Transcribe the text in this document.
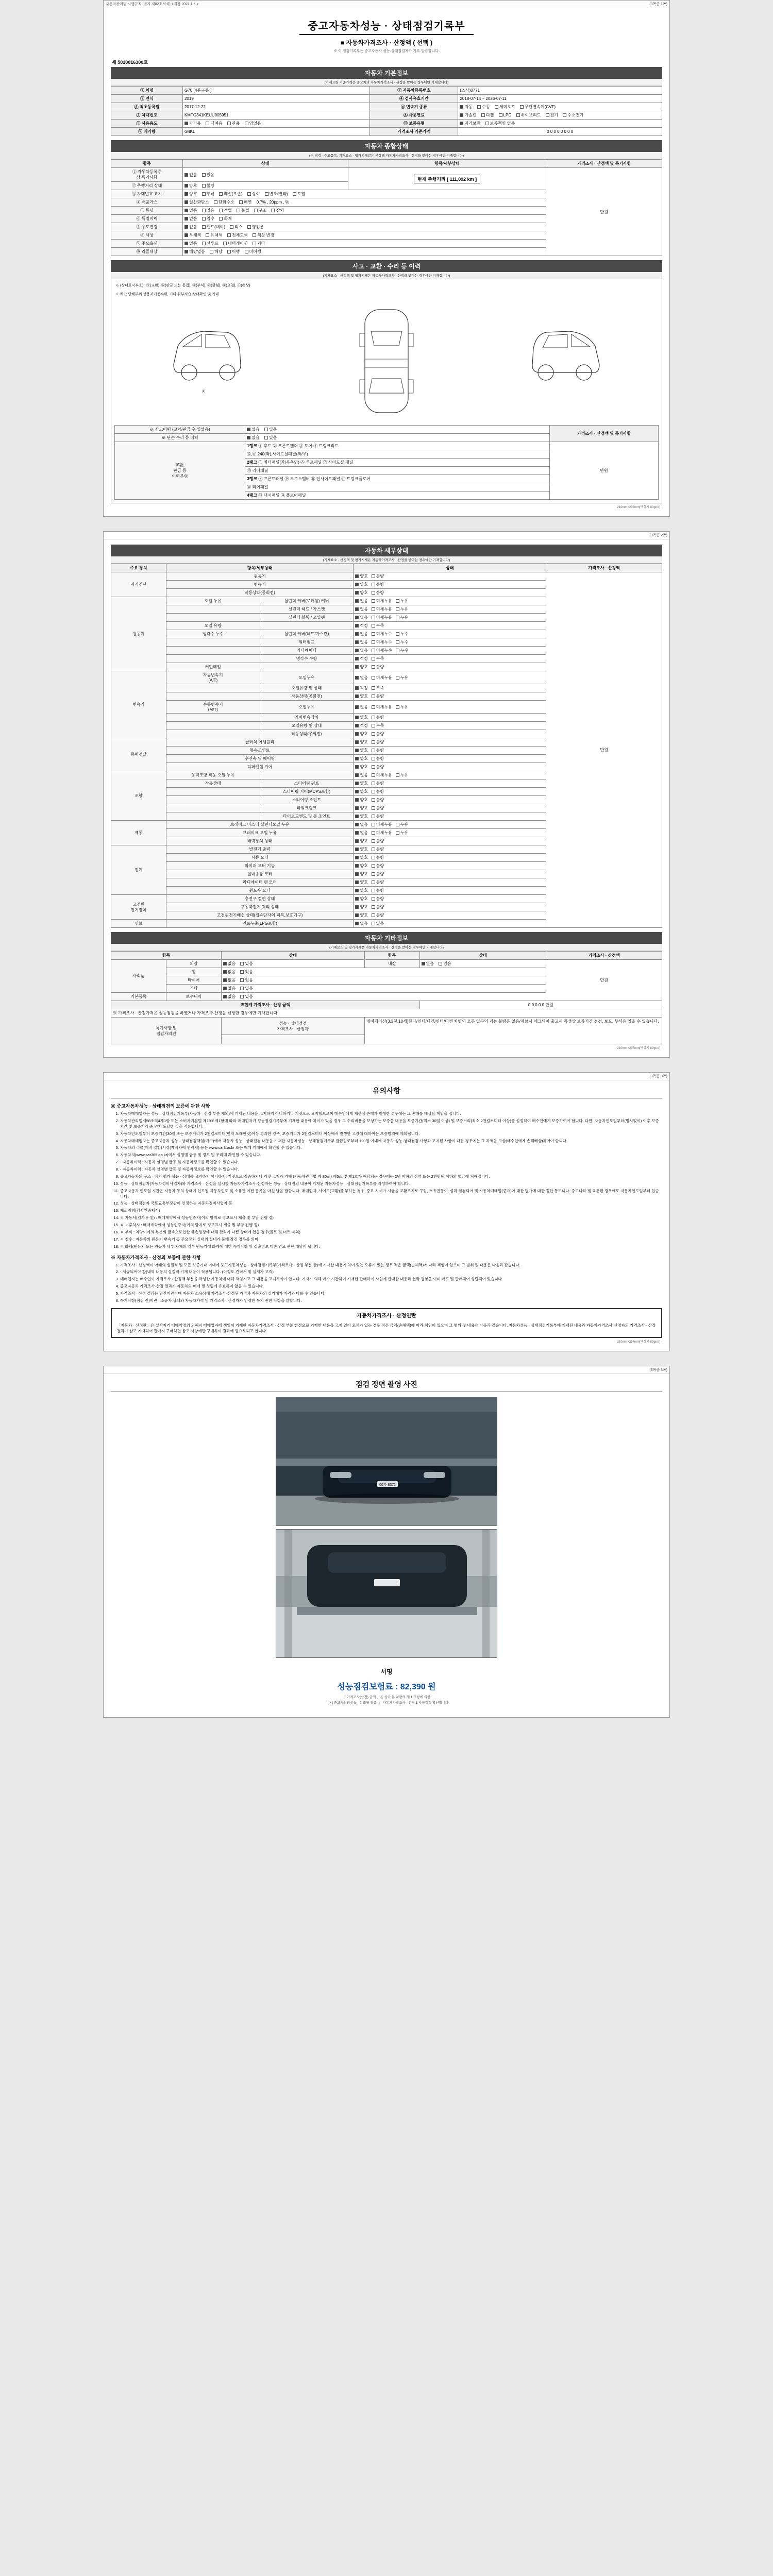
자동차관리법 시행규칙 [별지 제82호서식] <개정 2021.1.5.>	(3쪽중 1쪽)
중고자동차성능 · 상태점검기록부
■ 자동차가격조사 · 산정액 ( 선택 )
※ 이 점검기록부는 중고자동차 성능·상태점검자가 기록·발급합니다.
제 5010016300호
자동차 기본정보
(기재요령 기준가격은 중고차의 자동차가격조사 · 산정을 받아는 경우에만 기재합니다)
① 차명	G70 (4륜구동 )	② 자동차등록번호	(즈사)0771
③ 연식	2019	④ 검사유효기간	2018-07-14 ~ 2026-07-11
⑤ 최초등록일	2017-12-22	⑥ 변속기 종류	자동 수동 세미오토 무단변속기(CVT)
⑦ 차대번호	KMTG341KEUU005951	⑧ 사용연료	가솔린 디젤 LPG 하이브리드 전기 수소전기
⑤ 사용용도	자가용 대여용 관용 영업용	⑪ 보증유형	자가보증 보증책임 없음
⑨ 배기량	G4KL	가격조사 기준가액	0 0 0 0 0 0 0 0
자동차 종합상태
(※ 점검 · 주요품목, 기재요소 · 평가시세같은 본상태 자동차가격조사 · 산정을 받아는 경우에만 기재합니다)
항목	상태	항목/세부상태	가격조사 · 산정액 및 특기사항
① 자동차등록증
상 특기사항	없음 있음	현재 주행거리 [ 111,092 km ]	만원
② 주행거리 상태	양호 불량		
③ 차대번호 표기	양호 부식 훼손(오손) 상이 변조(변타) 도말		
④ 배출가스	일산화탄소 탄화수소 매연 0.7% , 20ppm , %		
⑤ 튜닝	없음 있음 적법 불법 구조 장치		
⑥ 특별이력	없음 침수 화재		
⑦ 용도변경	없음 렌트(대여) 리스 영업용		
⑧ 색상	무채색 유채색 전체도색 색상 변경		
⑨ 주요옵션	없음 선루프 내비게이션 기타		
⑩ 리콜대상	해당없음 해당 이행 미이행		
사고 · 교환 · 수리 등 이력
(기재요소 · 산정액 및 평가시세은 자동차가격조사 · 산정을 받아는 경우에만 기재합니다)
※ (상태표시부호) : ⓧ(교환), ⓦ(판금 또는 용접), ⓐ(부식), ⓒ(긁힘), ⓤ(요철), ⓣ(손상)
※ 하단 당해부위 상용자기준수위, 기타 취부적습·상태확인 및 안내
①
※ 사고이력 (교차/판금 수 일없음)	없음 있음	가격조사 · 산정액 및 특기사항
※ 단순 수리 등 이력	없음 있음	
교환,
판금 등
이력부위	1랭크 ① 후드 ② 프론트팬더 ③ 도어 ④ 트렁크리드	만원
	⑤,⑥ 240(좌),사이드실패널(좌/우)	
	2랭크 ⑤ 쿼터패널(좌/우측면) ⑥ 루프패널 ⑦ 사이드실 패널	
	⑩ 리어패널	
	3랭크 ⑧ 프론트패널 ⑨ 크로스멤버 ⑪ 인사이드패널 ⑪ 트렁크플로어	
	⑫ 리어패널	
	4랭크 ⑬ 대시패널 ⑭ 플로어패널	
210mm×297mm[백상지 80g/㎡]
(3쪽중 2쪽)
자동차 세부상태
(기재요소 · 산정액 및 평가시세은 자동차가격조사 · 산정을 받아는 경우에만 기재합니다)
주요 장치	항목/세부상태		상태	가격조사 · 산정액
자기진단	원동기		양호 불량	만원
	변속기		양호 불량	
	작동상태(공회전)		양호 불량	
원동기	오일 누유	실린더 커버(로커암) 커버	없음 미세누유 누유	
		실린더 헤드 / 가스켓	없음 미세누유 누유	
		실린더 블록 / 오일팬	없음 미세누유 누유	
	오일 유량		적정 부족	
	냉각수 누수	실린더 커버(헤드/가스켓)	없음 미세누수 누수	
		워터펌프	없음 미세누수 누수	
		라디에이터	없음 미세누수 누수	
		냉각수 수량	적정 부족	
	커먼레일		양호 불량	
변속기	자동변속기
(A/T)	오일누유	없음 미세누유 누유	
		오일유량 및 상태	적정 부족	
		작동상태(공회전)	양호 불량	
	수동변속기
(M/T)	오일누유	없음 미세누유 누유	
		기어변속장치	양호 불량	
		오일유량 및 상태	적정 부족	
		작동상태(공회전)	양호 불량	
동력전달	클러치 어셈블리		양호 불량	
	등속조인트		양호 불량	
	추진축 및 베어링		양호 불량	
	디퍼렌셜 기어		양호 불량	
조향	동력조향 작동 오일 누유		없음 미세누유 누유	
	작동상태	스티어링 펌프	양호 불량	
		스티어링 기어(MDPS포함)	양호 불량	
		스티어링 조인트	양호 불량	
		파워크랭크	양호 불량	
		타이로드엔드 및 볼 조인트	양호 불량	
제동	브레이크 마스터 실린더오일 누유		없음 미세누유 누유	
	브레이크 오일 누유		없음 미세누유 누유	
	배력장치 상태		양호 불량	
전기	발전기 출력		양호 불량	
	시동 모터		양호 불량	
	와이퍼 모터 기능		양호 불량	
	실내송풍 모터		양호 불량	
	라디에이터 팬 모터		양호 불량	
	윈도우 모터		양호 불량	
고전원
전기장치	충전구 절연 상태		양호 불량	
	구동축전지 격리 상태		양호 불량	
	고전원전기배선 상태(접속단자의 피복,보호기구)		양호 불량	
연료	연료누출(LPG포함)		없음 있음	
자동차 기타정보
(기재요소 및 평가시세은 자동차가격조사 · 산정을 받아는 경우에만 기재합니다)
항목		상태	항목	상태	가격조사 · 산정액
사외품	외장	없음 있음	내장	없음 있음	만원
	휠	없음 있음			
	타이어	없음 있음			
	기타	없음 있음			
기본품목	보수내역	없음 있음			
※합계 가격조사 · 산정 금액				0 0 0 0 0 만원	
※ 가격조사 · 산정가격은 성능점검을 하였거나 가격조사·산정을 신청한 경우에만 기재합니다.					
특기사항 및
점검자의견		성능 · 상태점검
가격조사 · 산정자	네비게이션(3,3천,10세)한다/인터/디앤/인터/디앤 차량의 모든 일부의 기능 불량은 없음/제브시 체크되어 출고시 특성상 보증기간 점검, 보도, 부식은 있을 수 있습니다.		

210mm×297mm[백상지 80g/㎡]
(3쪽중 3쪽)
유의사항
※ 중고자동차성능 · 상태점검의 보증에 관한 사항
1. 자동차매매업자는 성능 · 상태점검기록부(자동차 · 산정 부분 제외)에 기재된 내용을 고지하지 아니하거나 거짓으로 고지했으로써 매수인에게 재산상 손해가 발생한 경우에는 그 손해를 배상할 책임을 집니다.
2. 자동차관리법제58조의4제1항 또는 소비자기본법 제19조제1항에 따라 매매업자가 성능점검기록부에 기재한 내용에 차이가 있을 경우 그 수리비용을 보상하는 보증을 내용을 보증기간(최소 30일 이상) 및 보증거리(최소 2천킬로미터 이상)를 설정하여 매수인에게 보증하여야 합니다. 다만, 자동차인도일부터(명시없이) 이후 보증기간 및 보증거리 중 먼저 도달한 것을 적용합니다.
3. 자동차인도일부터 보증기간(30일 또는 보증거리가 2천킬로미터(먼저 도래한것)이상 경과한 경우, 보증거리가 2천킬로미터 이상에서 발생한 고장에 대하여는 보증범위에 제외됩니다.
4. 자동차매매업자는 중고자동차 성능 · 상태점검책임(매수)에서 자동차 성능 · 상태점검 내용을 기재한 자동차성능 · 상태점검기록부 발급일로부터 120일 이내에 자동차 성능·상태점검 사항과 고지된 사항이 다를 경우에는 그 차액을 보상(매수인에게 손해배상)하여야 합니다.
5. 자동차의 리콜(제작 결함)시정(제작자에 연락처) 등은 www.car3.or.kr 또는 매매 거래에서 확인할 수 있습니다.
6. 자동차의(www.car365.go.kr)에서 실명별 급등 및 정보 및 우리매 확인할 수 있습니다.
7. - 자동차이력 : 자동차 실명별 급등 및 자동차정보를 확인할 수 있습니다.
8. - 자동차이력 : 자동차 실명별 급등 및 자동차정보를 확인할 수 있습니다.
9. 중고자동차의 구조 · 장치 평가 성능 · 상태를 고지하지 아니하지, 거짓으로 검증하거나 거짓 고지가 기재 (자동차관리법 제 80조) 제5조 및 제1호가 해당되는 경우에는 2년 이하의 징역 또는 2천만원 이하의 벌금에 처해집니다.
10. 성능 · 상태점검자(자동차정비사업자)와 가격조사 · 산정을 실시할 자동차가격조사·산정자는 성능 · 상태점검 내용이 기재된 자동차성능 · 상태점검기록부를 작성하여야 합니다.
11. 중고자동차 인도일 시간은 자동차 등의 상태가 인도될 자동차인도 및 소유권 이전 등록을 마친 날을 말합니다. 매매업자, 사이드(교환)를 부하는 경우, 중요 시세가 시급을 교환조치로 구입, 소유권등이, 성과 점검되어 및 자동차매매업(중개)에 대한 별개에 대한 정한 통보니다. 중고나라 및 교통된 경우에도 자동차인도일부터 입습니다.
12. 성능 · 상태점검자 국토교통부장관이 인정하는 자동차정비사업자 등
13. 제조명칭(검사인증제시)
14. ㅇ 자동사(검사용 및) : 매매계약에서 성능인증자(이의 방지로 정보표시 제출 및 부담 진행 정)
15. ㅇ 노후차시 : 매매계약에서 성능인증자(이의 방지로 정보표시 제출 및 부담 진행 정)
16. ㅇ 부식 : 차량이에의 부분의 금속으로인한 훼손정정에 대해 관리가 나쁜 상태에 있을 경우(볼트 및 너트 제외)
17. ㅇ 침수 : 자동차의 원동기 변속기 등 주요장치 실내의 실내가 물에 잠긴 경우를 의미
18. ㅇ 화재(원동기 또는 자동차 내부 차체의 일부 원동기에 화재에 대한 특기사항 및 검출정보 대한 연료 판단 해당이 됩니다.
※ 자동차가격조사 · 산정의 보증에 관한 사항
1. 가격조사 · 산정액이 아래의 실질적 및 모든 보증기대 이내에 중고자동차성능 · 상태점검기록부(가격조사 · 산정 부분 한)에 기재한 내용에 차이 있는 오류가 있는 경우 적은 금액(손해액)에 따라 책임이 있으며 그 범위 및 내용은 다음과 같습니다.
2. - 제공되어야 할(내역 내용의 실질적 기재 내용이 적용됩니다. (이정도 견적서 및 실제가 고객)
3. 매매업자는 매수인이 가격조사 · 산정액 부분을 작성한 자동차에 대해 책임지고 그 내용을 고지하여야 합니다. 기재가 의해 매수 시간하여 기재한 판매하여 사실에 반대한 내용과 선박 결함을 이미 매도 및 판매되어 성립되어 있습니다.
4. 중고자동차 가격조사·산정 결과가 자동차의 매매 및 성립에 유효하지 않을 수 있습니다.
5. 가격조사 · 산정 결과는 민간기관이며 자동차 소유상태 가격조사·산정된 가격과 자동차의 실거래가 가격과 다를 수 있습니다.
6. 특기사항(점검 전)이란 : 소유자 상태와 자동차가격 및 가격조사 · 산정자가 인정한 특기 관한 사항을 말합니다.
자동차가격조사 · 산정인란
「자동차 · 산정란」은 실사지기 매매약정의 의해시 매매업자에 책임이 기재한 자동차가격조사 · 산정 부분 한정으로 기재한 내용을 고지 없이 오류가 있는 경우 적은 금액(손해액)에 따라 책임이 있으며 그 범위 및 내용은 다음과 같습니다. 자동차성능 · 상태점검기록부에 기재된 내용과 자동차가격조사·산정자의 가격조사 · 산정 결과가 참고 기재되어 판매자 구매하면 참고 사항에만 구매하여 결과에 필요로되고 합니다.
210mm×297mm[백상지 80g/㎡]
(3쪽중 3쪽)
점검 정면 촬영 사진
00가 8371
서명
성능점검보험료 : 82,390 원
「 가격조사(산정) 금액 」은 상기 본 차량의 제 1 조항에 의한
「 [ㅈ] 중고차의뢰성능 · 상태를 겸증. 」 자동차가격조사 · 산정 1 사항검정 확인합니다.
